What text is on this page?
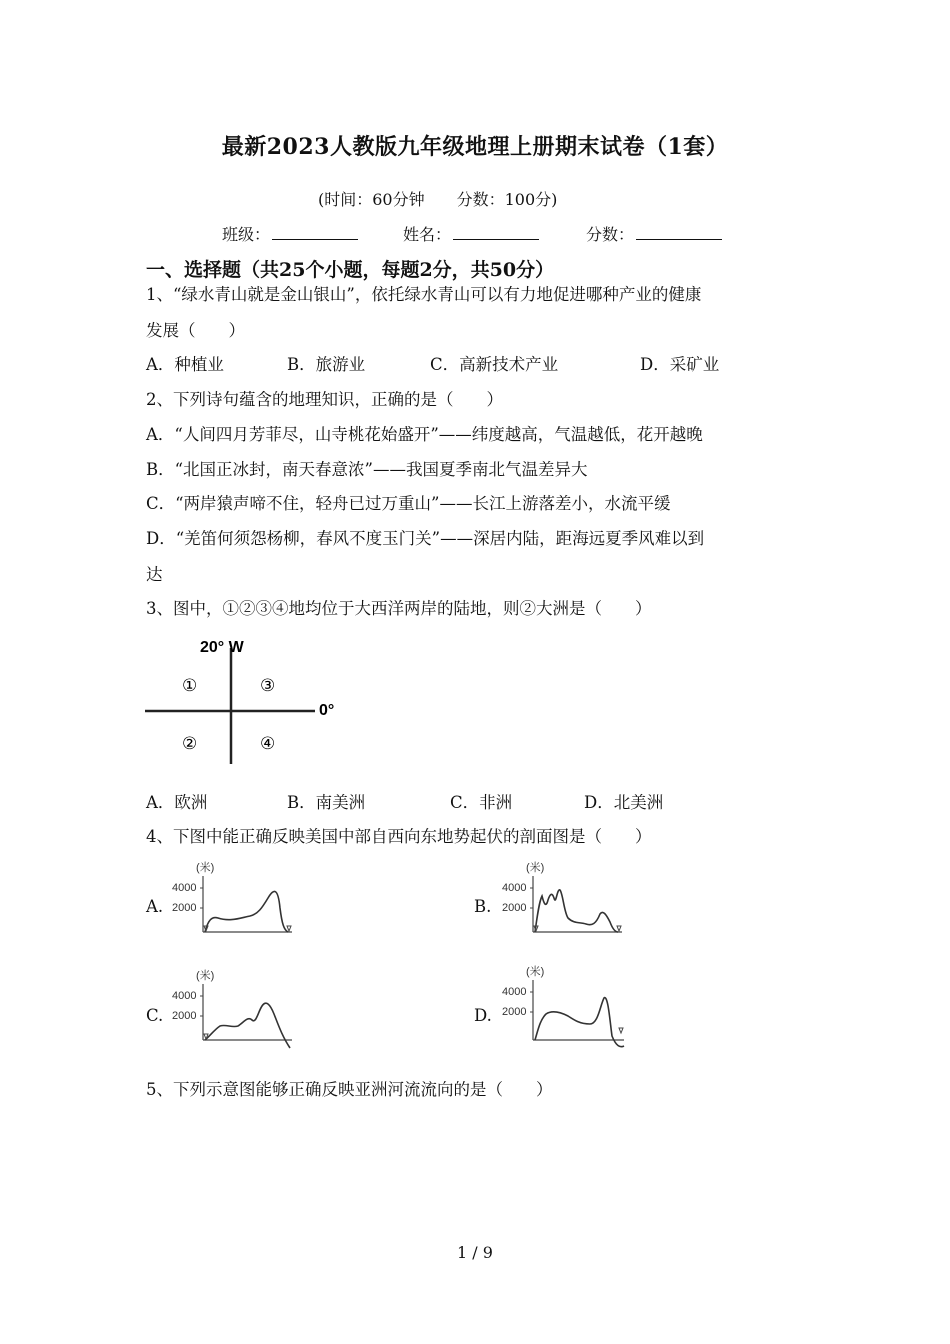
最新2023人教版九年级地理上册期末试卷（1套）
(时间：60分钟　　分数：100分)
班级：	姓名：	分数：
一、选择题（共25个小题，每题2分，共50分）
1、“绿水青山就是金山银山”，依托绿水青山可以有力地促进哪种产业的健康
发展（　　）
A．种植业	B．旅游业	C．高新技术产业	D．采矿业
2、下列诗句蕴含的地理知识，正确的是（　　）
A．“人间四月芳菲尽，山寺桃花始盛开”——纬度越高，气温越低，花开越晚
B．“北国正冰封，南天春意浓”——我国夏季南北气温差异大
C．“两岸猿声啼不住，轻舟已过万重山”——长江上游落差小，水流平缓
D．“羌笛何须怨杨柳，春风不度玉门关”——深居内陆，距海远夏季风难以到
达
3、图中，①②③④地均位于大西洋两岸的陆地，则②大洲是（　　）
20° W
0°
①	③
②	④
A．欧洲	B．南美洲	C．非洲	D．北美洲
4、下图中能正确反映美国中部自西向东地势起伏的剖面图是（　　）
A.
(米)
4000
2000	B.
(米)
4000
2000
C.
(米)
4000
2000	D.
(米)
4000
2000
5、下列示意图能够正确反映亚洲河流流向的是（　　）
1 / 9
